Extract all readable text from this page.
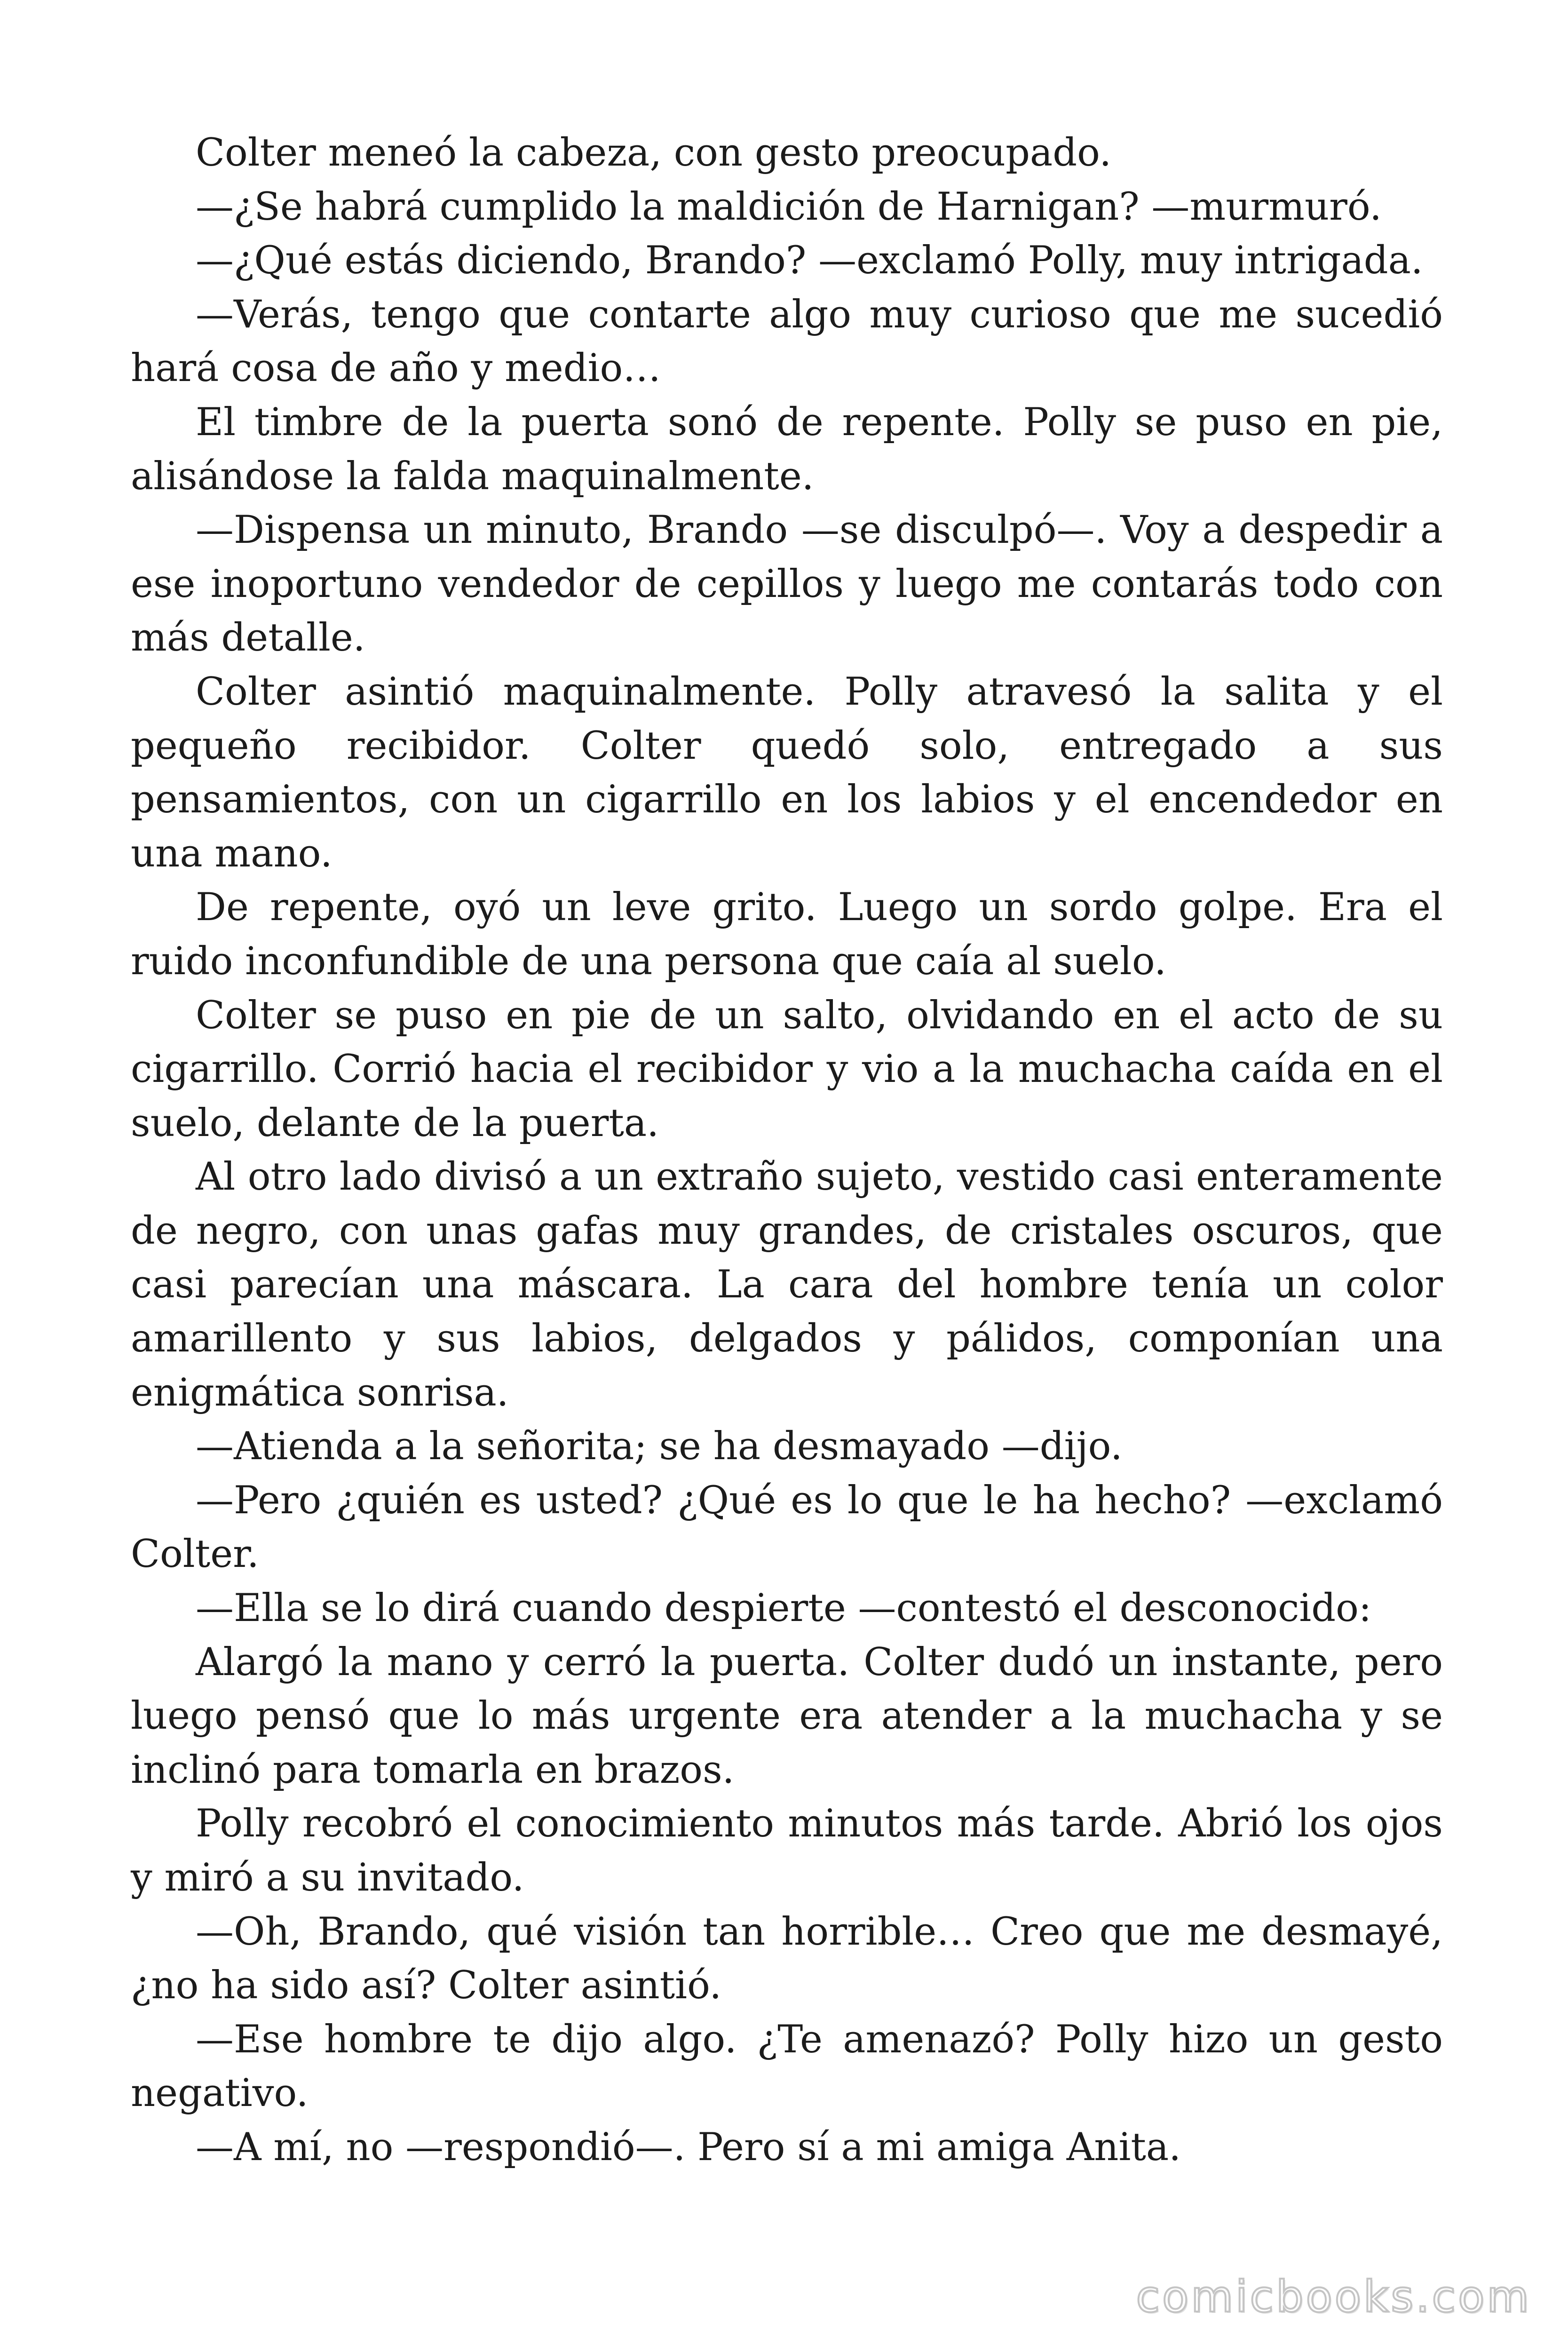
Colter meneó la cabeza, con gesto preocupado.

—¿Se habrá cumplido la maldición de Harnigan? —murmuró.

—¿Qué estás diciendo, Brando? —exclamó Polly, muy intrigada.

—Verás, tengo que contarte algo muy curioso que me sucedió hará cosa de año y medio…

El timbre de la puerta sonó de repente. Polly se puso en pie, alisándose la falda maquinalmente.

—Dispensa un minuto, Brando —se disculpó—. Voy a despedir a ese inoportuno vendedor de cepillos y luego me contarás todo con más detalle.

Colter asintió maquinalmente. Polly atravesó la salita y el pequeño recibidor. Colter quedó solo, entregado a sus pensamientos, con un cigarrillo en los labios y el encendedor en una mano.

De repente, oyó un leve grito. Luego un sordo golpe. Era el ruido inconfundible de una persona que caía al suelo.

Colter se puso en pie de un salto, olvidando en el acto de su cigarrillo. Corrió hacia el recibidor y vio a la muchacha caída en el suelo, delante de la puerta.

Al otro lado divisó a un extraño sujeto, vestido casi enteramente de negro, con unas gafas muy grandes, de cristales oscuros, que casi parecían una máscara. La cara del hombre tenía un color amarillento y sus labios, delgados y pálidos, componían una enigmática sonrisa.

—Atienda a la señorita; se ha desmayado —dijo.

—Pero ¿quién es usted? ¿Qué es lo que le ha hecho? —exclamó Colter.

—Ella se lo dirá cuando despierte —contestó el desconocido:

Alargó la mano y cerró la puerta. Colter dudó un instante, pero luego pensó que lo más urgente era atender a la muchacha y se inclinó para tomarla en brazos.

Polly recobró el conocimiento minutos más tarde. Abrió los ojos y miró a su invitado.

—Oh, Brando, qué visión tan horrible… Creo que me desmayé, ¿no ha sido así? Colter asintió.

—Ese hombre te dijo algo. ¿Te amenazó? Polly hizo un gesto negativo.

—A mí, no —respondió—. Pero sí a mi amiga Anita.

comicbooks.com
